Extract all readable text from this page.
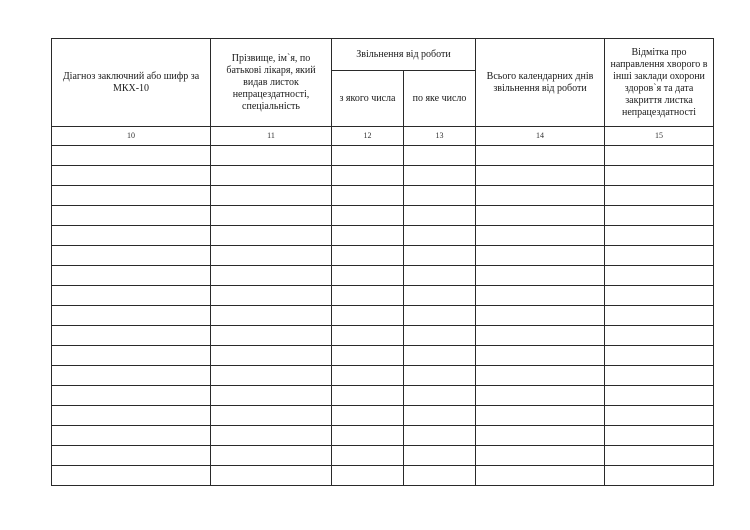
Діагноз заключний або шифр за МКХ-10	Прізвище, ім`я, по батькові лікаря, який видав листок непрацездатності, спеціальність	Звільнення від роботи		Всього календарних днів звільнення від роботи	Відмітка про направлення хворого в інші заклади охорони здоров`я та дата закриття листка непрацездатності
		з якого числа	по яке число		
10	11	12	13	14	15
